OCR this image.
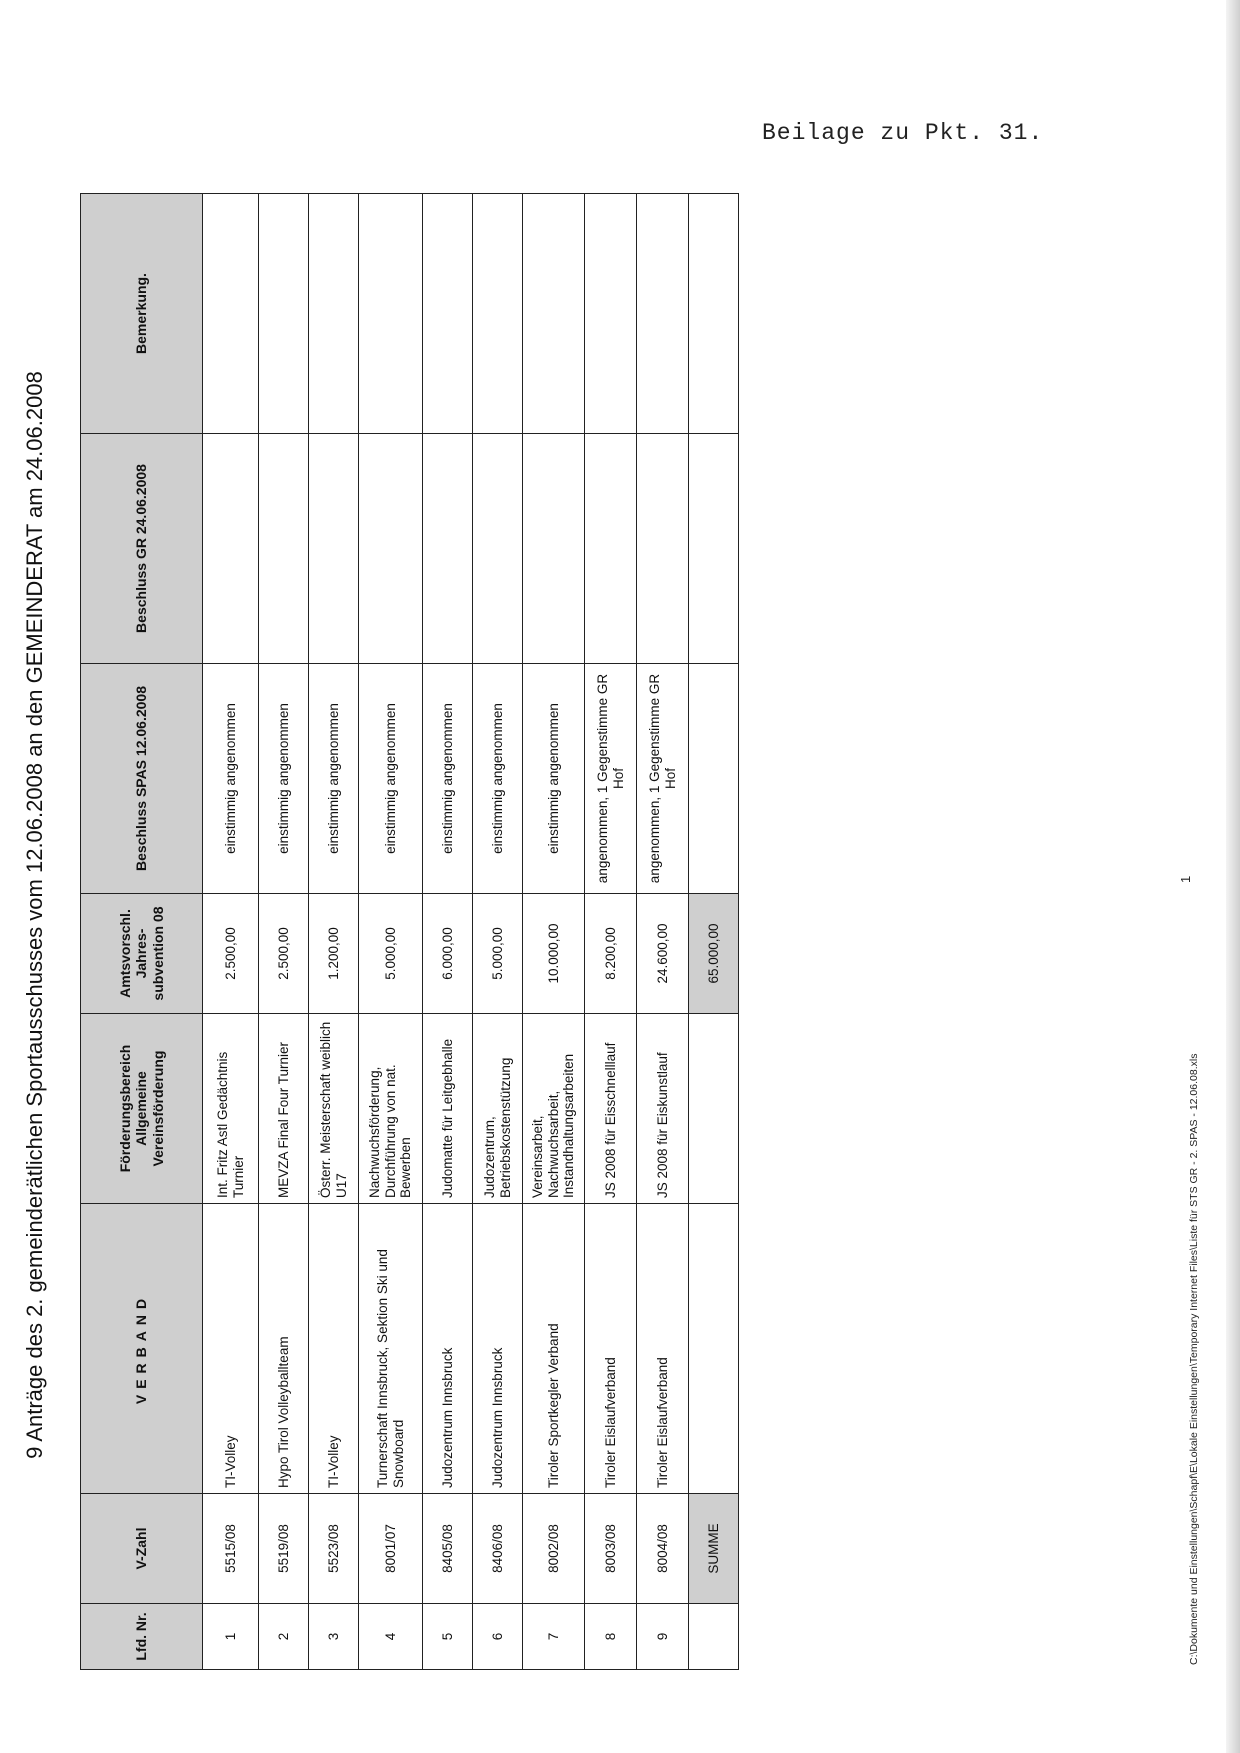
Beilage zu Pkt. 31.
9 Anträge des 2. gemeinderätlichen Sportausschusses vom 12.06.2008 an den GEMEINDERAT am 24.06.2008
Lfd. Nr.	V-Zahl	VERBAND	Förderungsbereich Allgemeine Vereinsförderung	Amtsvorschl. Jahres-subvention 08	Beschluss SPAS 12.06.2008	Beschluss GR 24.06.2008	Bemerkung.
1	5515/08	TI-Volley	Int. Fritz Astl Gedächtnis Turnier	2.500,00	einstimmig angenommen		
2	5519/08	Hypo Tirol Volleyballteam	MEVZA Final Four Turnier	2.500,00	einstimmig angenommen		
3	5523/08	TI-Volley	Österr. Meisterschaft weiblich U17	1.200,00	einstimmig angenommen		
4	8001/07	Turnerschaft Innsbruck, Sektion Ski und Snowboard	Nachwuchsförderung, Durchführung von nat. Bewerben	5.000,00	einstimmig angenommen		
5	8405/08	Judozentrum Innsbruck	Judomatte für Leitgebhalle	6.000,00	einstimmig angenommen		
6	8406/08	Judozentrum Innsbruck	Judozentrum, Betriebskostenstützung	5.000,00	einstimmig angenommen		
7	8002/08	Tiroler Sportkegler Verband	Vereinsarbeit, Nachwuchsarbeit, Instandhaltungsarbeiten	10.000,00	einstimmig angenommen		
8	8003/08	Tiroler Eislaufverband	JS 2008 für Eisschnelllauf	8.200,00	angenommen, 1 Gegenstimme GR Hof		
9	8004/08	Tiroler Eislaufverband	JS 2008 für Eiskunstlauf	24.600,00	angenommen, 1 Gegenstimme GR Hof		
	SUMME			65.000,00			
C:\Dokumente und Einstellungen\Schapf\E\Lokale Einstellungen\Temporary Internet Files\Liste für STS GR - 2. SPAS - 12.06.08.xls
1
